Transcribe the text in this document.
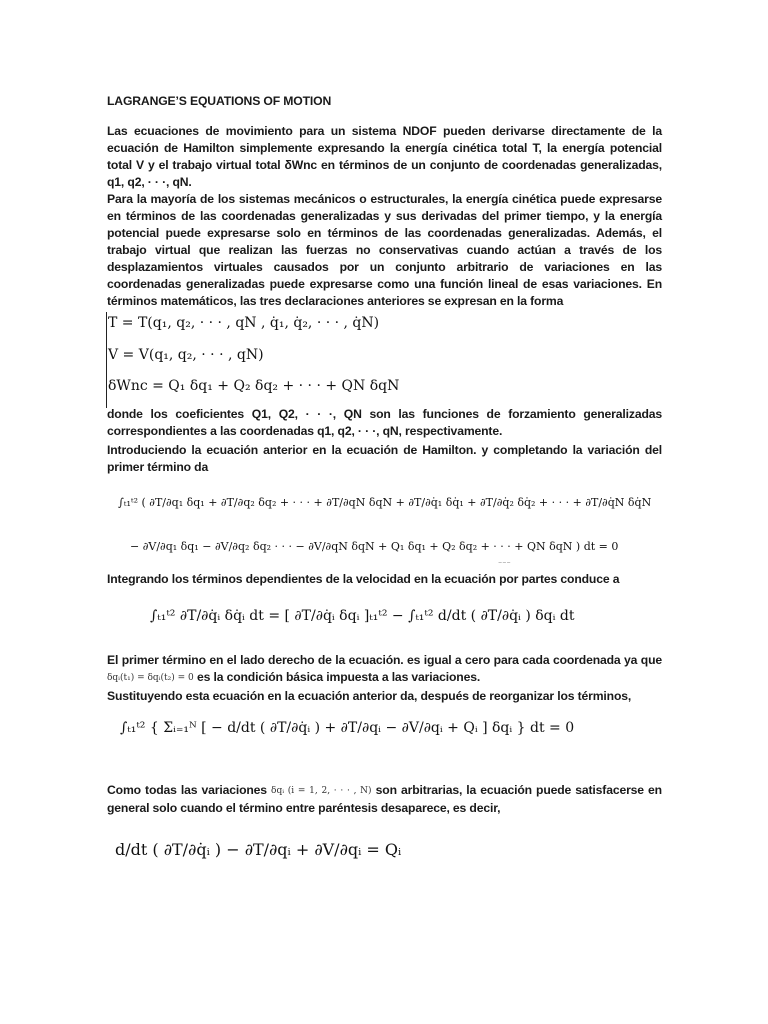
LAGRANGE’S EQUATIONS OF MOTION
Las ecuaciones de movimiento para un sistema NDOF pueden derivarse directamente de la ecuación de Hamilton simplemente expresando la energía cinética total T, la energía potencial total V y el trabajo virtual total δWnc en términos de un conjunto de coordenadas generalizadas, q1, q2, · · ·, qN.
Para la mayoría de los sistemas mecánicos o estructurales, la energía cinética puede expresarse en términos de las coordenadas generalizadas y sus derivadas del primer tiempo, y la energía potencial puede expresarse solo en términos de las coordenadas generalizadas. Además, el trabajo virtual que realizan las fuerzas no conservativas cuando actúan a través de los desplazamientos virtuales causados por un conjunto arbitrario de variaciones en las coordenadas generalizadas puede expresarse como una función lineal de esas variaciones. En términos matemáticos, las tres declaraciones anteriores se expresan en la forma
T = T(q₁, q₂, · · · , qN , q̇₁, q̇₂, · · · , q̇N)
V = V(q₁, q₂, · · · , qN)
δWnc = Q₁ δq₁ + Q₂ δq₂ + · · · + QN δqN
donde los coeficientes Q1, Q2, · · ·, QN son las funciones de forzamiento generalizadas correspondientes a las coordenadas q1, q2, · · ·, qN, respectivamente.
Introduciendo la ecuación anterior en la ecuación de Hamilton. y completando la variación del primer término da
∫ₜ₁ᵗ² ( ∂T/∂q₁ δq₁ + ∂T/∂q₂ δq₂ + · · · + ∂T/∂qN δqN + ∂T/∂q̇₁ δq̇₁ + ∂T/∂q̇₂ δq̇₂ + · · · + ∂T/∂q̇N δq̇N
− ∂V/∂q₁ δq₁ − ∂V/∂q₂ δq₂ · · · − ∂V/∂qN δqN + Q₁ δq₁ + Q₂ δq₂ + · · · + QN δqN ) dt = 0
⁻⁻⁻
Integrando los términos dependientes de la velocidad en la ecuación por partes conduce a
∫ₜ₁ᵗ² ∂T/∂q̇ᵢ δq̇ᵢ dt = [ ∂T/∂q̇ᵢ δqᵢ ]ₜ₁ᵗ² − ∫ₜ₁ᵗ² d/dt ( ∂T/∂q̇ᵢ ) δqᵢ dt
El primer término en el lado derecho de la ecuación. es igual a cero para cada coordenada ya que δqᵢ(t₁) = δqᵢ(t₂) = 0 es la condición básica impuesta a las variaciones.
Sustituyendo esta ecuación en la ecuación anterior da, después de reorganizar los términos,
∫ₜ₁ᵗ² { Σᵢ₌₁ᴺ [ − d/dt ( ∂T/∂q̇ᵢ ) + ∂T/∂qᵢ − ∂V/∂qᵢ + Qᵢ ] δqᵢ } dt = 0
Como todas las variaciones δqᵢ (i = 1, 2, · · · , N) son arbitrarias, la ecuación puede satisfacerse en general solo cuando el término entre paréntesis desaparece, es decir,
d/dt ( ∂T/∂q̇ᵢ ) − ∂T/∂qᵢ + ∂V/∂qᵢ = Qᵢ
